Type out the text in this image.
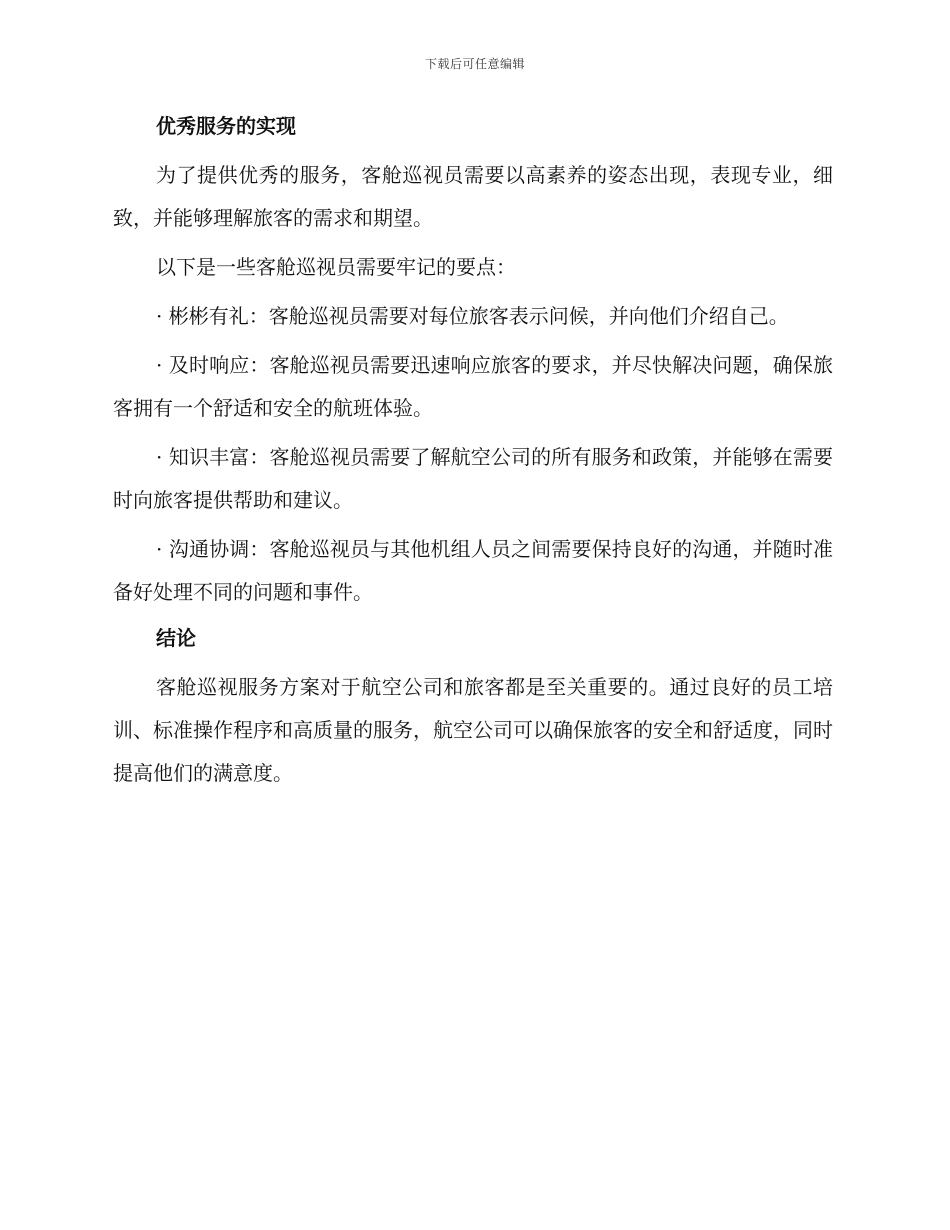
下载后可任意编辑
优秀服务的实现

为了提供优秀的服务，客舱巡视员需要以高素养的姿态出现，表现专业，细致，并能够理解旅客的需求和期望。

以下是一些客舱巡视员需要牢记的要点：

· 彬彬有礼：客舱巡视员需要对每位旅客表示问候，并向他们介绍自己。

· 及时响应：客舱巡视员需要迅速响应旅客的要求，并尽快解决问题，确保旅客拥有一个舒适和安全的航班体验。

· 知识丰富：客舱巡视员需要了解航空公司的所有服务和政策，并能够在需要时向旅客提供帮助和建议。

· 沟通协调：客舱巡视员与其他机组人员之间需要保持良好的沟通，并随时准备好处理不同的问题和事件。

结论

客舱巡视服务方案对于航空公司和旅客都是至关重要的。通过良好的员工培训、标准操作程序和高质量的服务，航空公司可以确保旅客的安全和舒适度，同时提高他们的满意度。
